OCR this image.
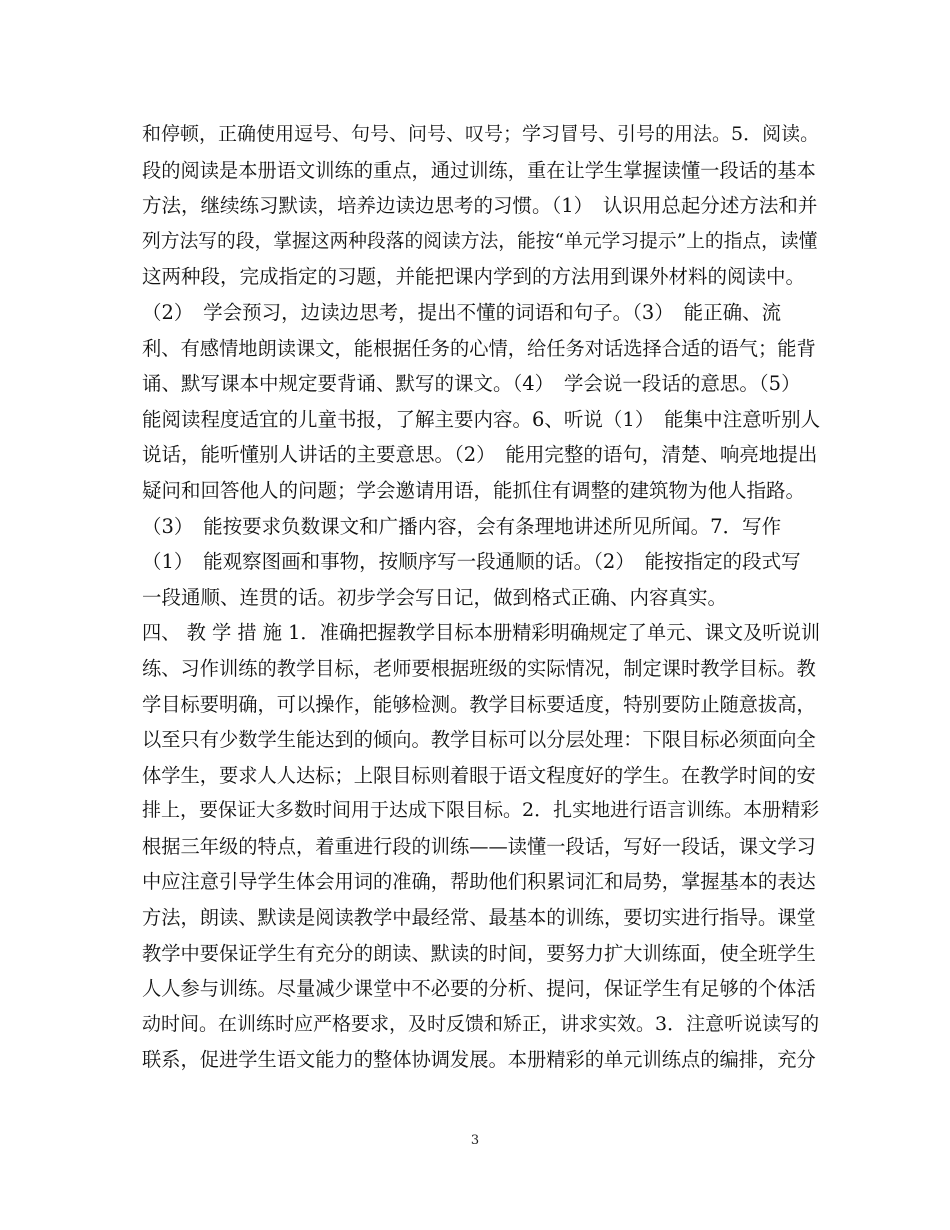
和停顿，正确使用逗号、句号、问号、叹号；学习冒号、引号的用法。5．阅读。
段的阅读是本册语文训练的重点，通过训练，重在让学生掌握读懂一段话的基本
方法，继续练习默读，培养边读边思考的习惯。（1）　认识用总起分述方法和并
列方法写的段，掌握这两种段落的阅读方法，能按“单元学习提示”上的指点，读懂
这两种段，完成指定的习题，并能把课内学到的方法用到课外材料的阅读中。
（2）　学会预习，边读边思考，提出不懂的词语和句子。（3）　能正确、流
利、有感情地朗读课文，能根据任务的心情，给任务对话选择合适的语气；能背
诵、默写课本中规定要背诵、默写的课文。（4）　学会说一段话的意思。（5）
能阅读程度适宜的儿童书报，了解主要内容。6、听说（1）　能集中注意听别人
说话，能听懂别人讲话的主要意思。（2）　能用完整的语句，清楚、响亮地提出
疑问和回答他人的问题；学会邀请用语，能抓住有调整的建筑物为他人指路。
（3）　能按要求负数课文和广播内容，会有条理地讲述所见所闻。7．写作
（1）　能观察图画和事物，按顺序写一段通顺的话。（2）　能按指定的段式写
一段通顺、连贯的话。初步学会写日记，做到格式正确、内容真实。
四、 教 学 措 施 1．准确把握教学目标本册精彩明确规定了单元、课文及听说训
练、习作训练的教学目标，老师要根据班级的实际情况，制定课时教学目标。教
学目标要明确，可以操作，能够检测。教学目标要适度，特别要防止随意拔高，
以至只有少数学生能达到的倾向。教学目标可以分层处理：下限目标必须面向全
体学生，要求人人达标；上限目标则着眼于语文程度好的学生。在教学时间的安
排上，要保证大多数时间用于达成下限目标。2．扎实地进行语言训练。本册精彩
根据三年级的特点，着重进行段的训练——读懂一段话，写好一段话，课文学习
中应注意引导学生体会用词的准确，帮助他们积累词汇和局势，掌握基本的表达
方法，朗读、默读是阅读教学中最经常、最基本的训练，要切实进行指导。课堂
教学中要保证学生有充分的朗读、默读的时间，要努力扩大训练面，使全班学生
人人参与训练。尽量减少课堂中不必要的分析、提问，保证学生有足够的个体活
动时间。在训练时应严格要求，及时反馈和矫正，讲求实效。3．注意听说读写的
联系，促进学生语文能力的整体协调发展。本册精彩的单元训练点的编排，充分
3
